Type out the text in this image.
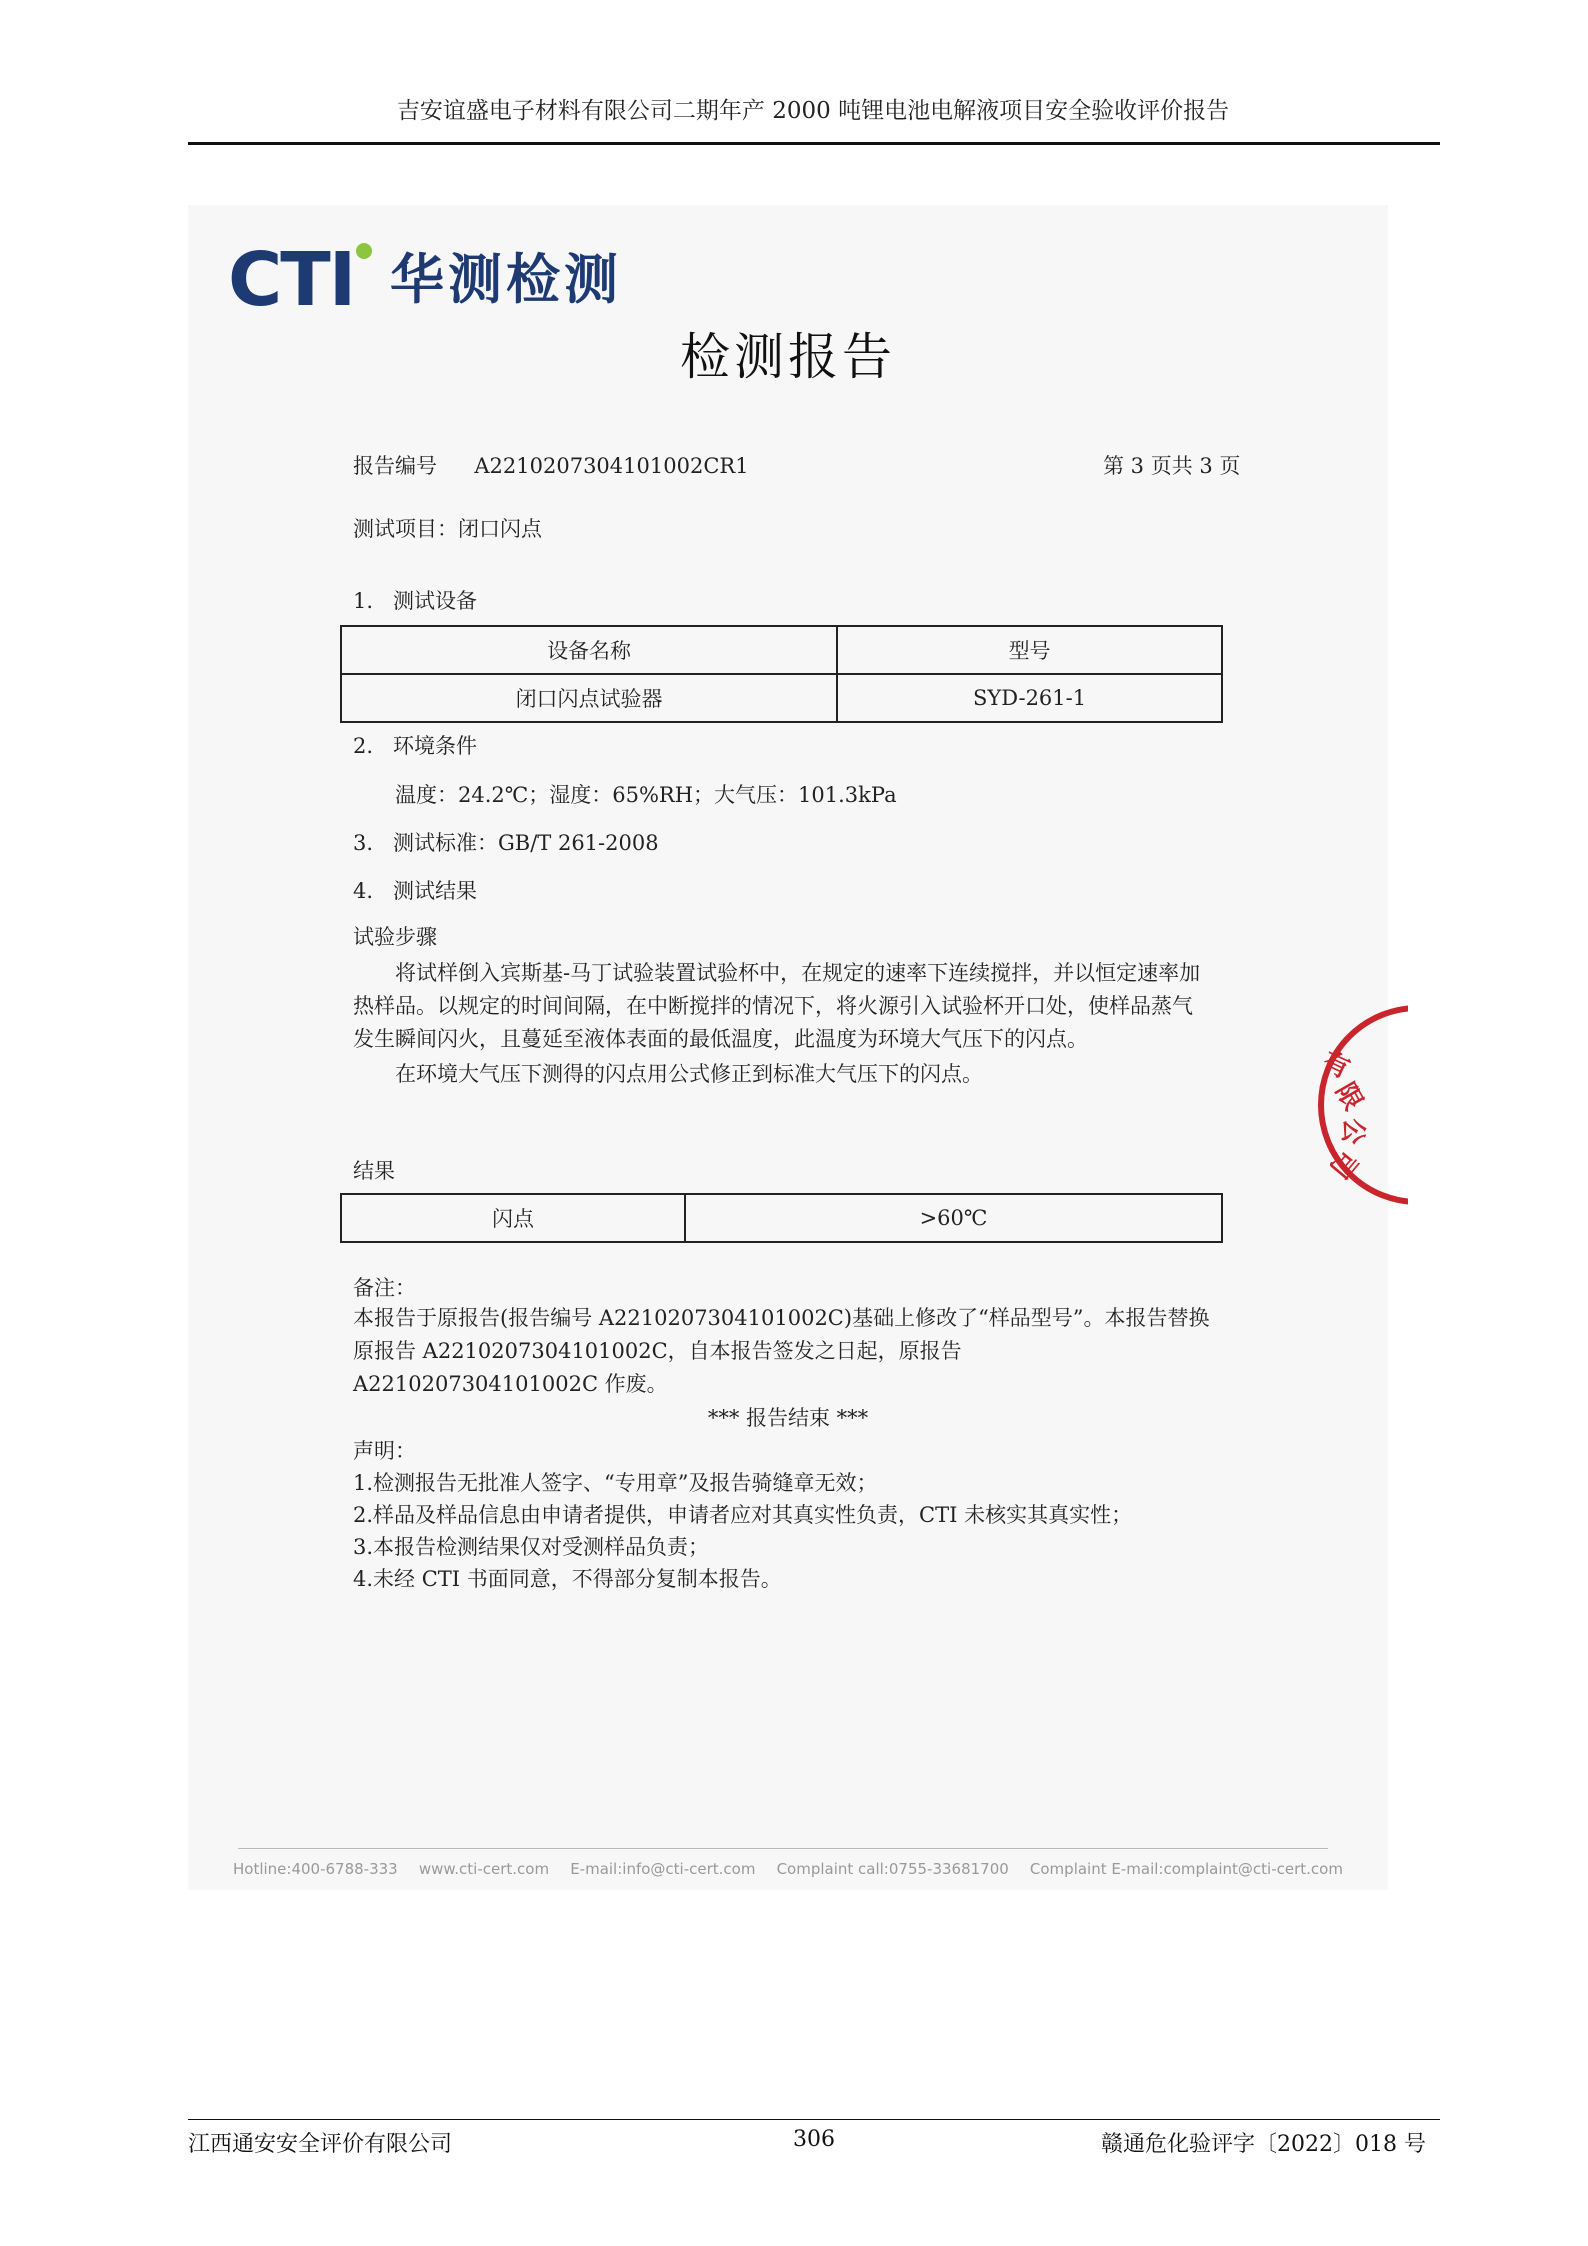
吉安谊盛电子材料有限公司二期年产 2000 吨锂电池电解液项目安全验收评价报告
CTI 华测检测
检测报告
报告编号 A2210207304101002CR1	第 3 页共 3 页
测试项目：闭口闪点
1. 测试设备
设备名称	型号
闭口闪点试验器	SYD-261-1
2. 环境条件
温度：24.2℃；湿度：65%RH；大气压：101.3kPa
3. 测试标准：GB/T 261-2008
4. 测试结果
试验步骤
将试样倒入宾斯基-马丁试验装置试验杯中，在规定的速率下连续搅拌，并以恒定速率加热样品。以规定的时间间隔，在中断搅拌的情况下，将火源引入试验杯开口处，使样品蒸气发生瞬间闪火，且蔓延至液体表面的最低温度，此温度为环境大气压下的闪点。
在环境大气压下测得的闪点用公式修正到标准大气压下的闪点。	有
限
公
司
结果
闪点	>60℃
备注：
本报告于原报告(报告编号 A2210207304101002C)基础上修改了“样品型号”。本报告替换原报告 A2210207304101002C，自本报告签发之日起，原报告 A2210207304101002C 作废。
*** 报告结束 ***
声明：
1.检测报告无批准人签字、“专用章”及报告骑缝章无效；
2.样品及样品信息由申请者提供，申请者应对其真实性负责，CTI 未核实其真实性；
3.本报告检测结果仅对受测样品负责；
4.未经 CTI 书面同意，不得部分复制本报告。
Hotline:400-6788-333 www.cti-cert.com E-mail:info@cti-cert.com Complaint call:0755-33681700 Complaint E-mail:complaint@cti-cert.com
江西通安安全评价有限公司	306	赣通危化验评字〔2022〕018 号
